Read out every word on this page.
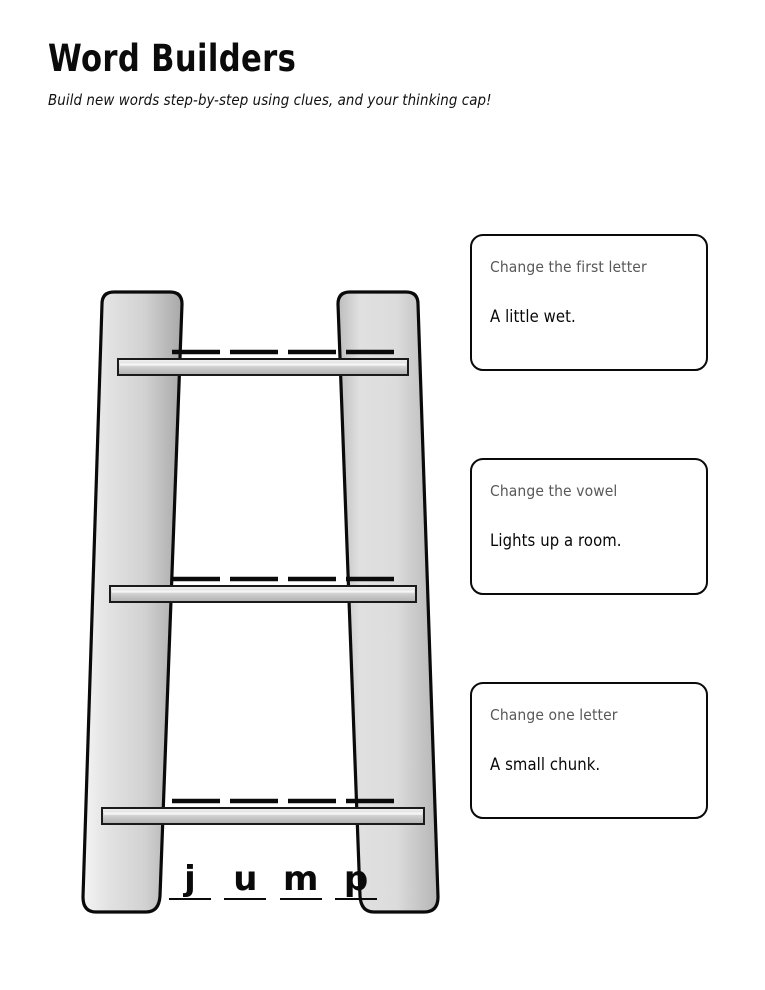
Word Builders

Build new words step-by-step using clues, and your thinking cap!

j u m p
Change the first letter
A little wet.
Change the vowel
Lights up a room.
Change one letter
A small chunk.
